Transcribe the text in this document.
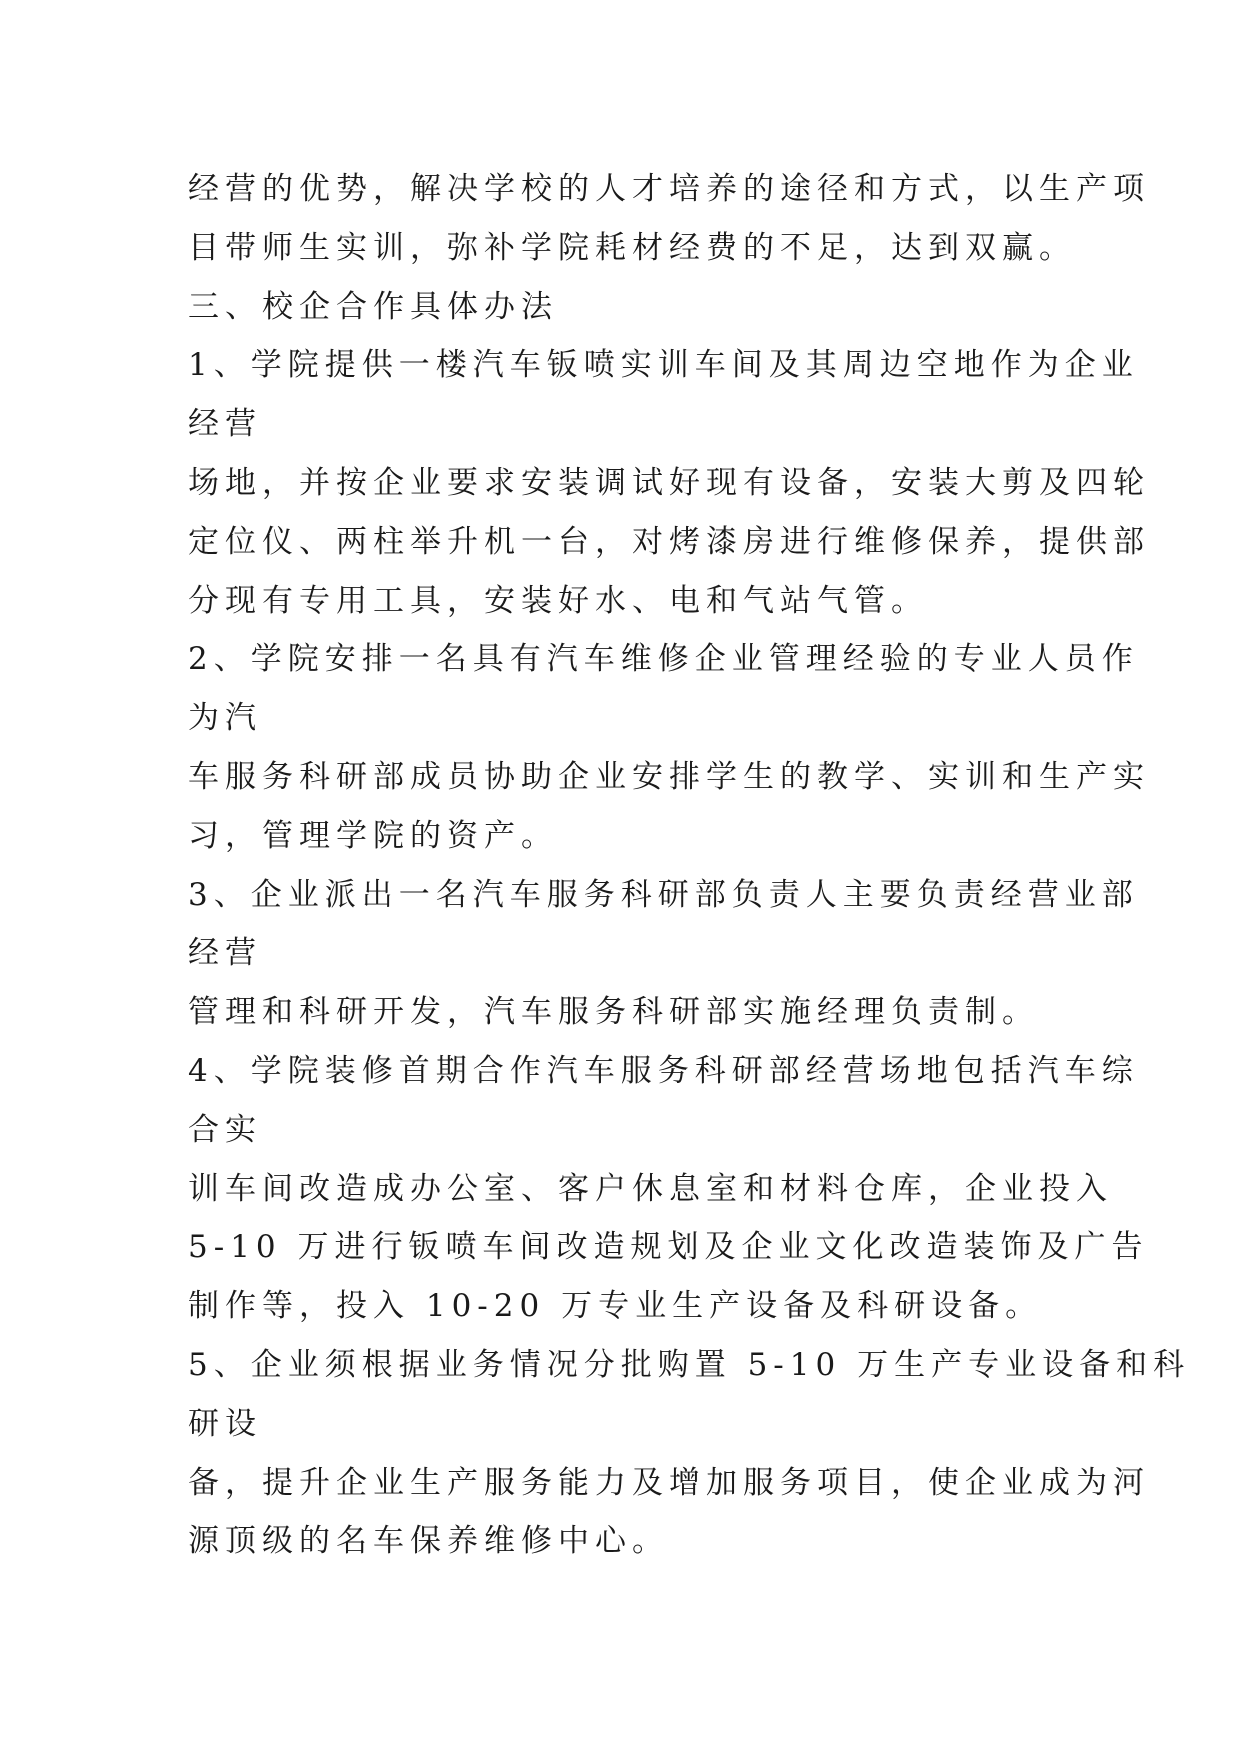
经营的优势，解决学校的人才培养的途径和方式，以生产项
目带师生实训，弥补学院耗材经费的不足，达到双赢。
三、校企合作具体办法
1、学院提供一楼汽车钣喷实训车间及其周边空地作为企业
经营
场地，并按企业要求安装调试好现有设备，安装大剪及四轮
定位仪、两柱举升机一台，对烤漆房进行维修保养，提供部
分现有专用工具，安装好水、电和气站气管。
2、学院安排一名具有汽车维修企业管理经验的专业人员作
为汽
车服务科研部成员协助企业安排学生的教学、实训和生产实
习，管理学院的资产。
3、企业派出一名汽车服务科研部负责人主要负责经营业部
经营
管理和科研开发，汽车服务科研部实施经理负责制。
4、学院装修首期合作汽车服务科研部经营场地包括汽车综
合实
训车间改造成办公室、客户休息室和材料仓库，企业投入
5-10 万进行钣喷车间改造规划及企业文化改造装饰及广告
制作等，投入 10-20 万专业生产设备及科研设备。
5、企业须根据业务情况分批购置 5-10 万生产专业设备和科
研设
备，提升企业生产服务能力及增加服务项目，使企业成为河
源顶级的名车保养维修中心。
